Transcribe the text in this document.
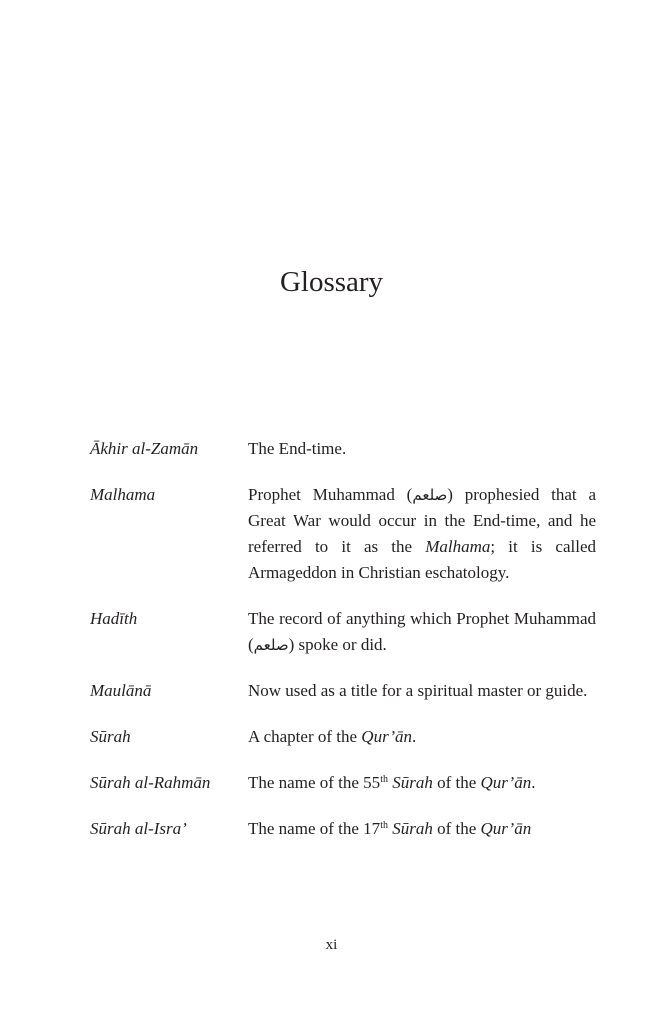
Glossary
Ākhir al-Zamān	The End-time.
Malhama	Prophet Muhammad (صلعم) prophesied that a Great War would occur in the End-time, and he referred to it as the Malhama; it is called Armageddon in Christian eschatology.
Hadīth	The record of anything which Prophet Muhammad (صلعم) spoke or did.
Maulānā	Now used as a title for a spiritual master or guide.
Sūrah	A chapter of the Qur’ān.
Sūrah al-Rahmān	The name of the 55th Sūrah of the Qur’ān.
Sūrah al-Isra’	The name of the 17th Sūrah of the Qur’ān
xi
